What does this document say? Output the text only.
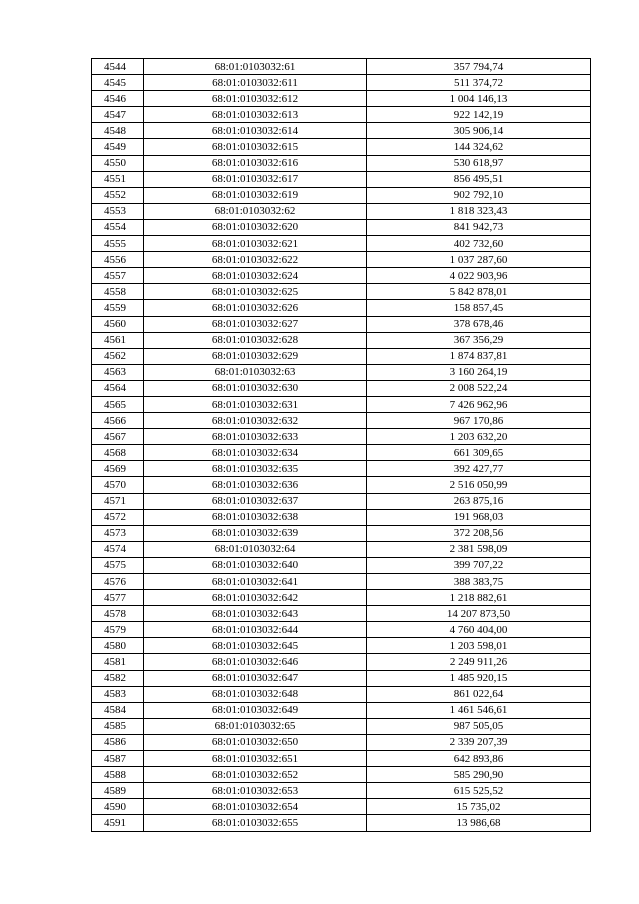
4544	68:01:0103032:61	357 794,74
4545	68:01:0103032:611	511 374,72
4546	68:01:0103032:612	1 004 146,13
4547	68:01:0103032:613	922 142,19
4548	68:01:0103032:614	305 906,14
4549	68:01:0103032:615	144 324,62
4550	68:01:0103032:616	530 618,97
4551	68:01:0103032:617	856 495,51
4552	68:01:0103032:619	902 792,10
4553	68:01:0103032:62	1 818 323,43
4554	68:01:0103032:620	841 942,73
4555	68:01:0103032:621	402 732,60
4556	68:01:0103032:622	1 037 287,60
4557	68:01:0103032:624	4 022 903,96
4558	68:01:0103032:625	5 842 878,01
4559	68:01:0103032:626	158 857,45
4560	68:01:0103032:627	378 678,46
4561	68:01:0103032:628	367 356,29
4562	68:01:0103032:629	1 874 837,81
4563	68:01:0103032:63	3 160 264,19
4564	68:01:0103032:630	2 008 522,24
4565	68:01:0103032:631	7 426 962,96
4566	68:01:0103032:632	967 170,86
4567	68:01:0103032:633	1 203 632,20
4568	68:01:0103032:634	661 309,65
4569	68:01:0103032:635	392 427,77
4570	68:01:0103032:636	2 516 050,99
4571	68:01:0103032:637	263 875,16
4572	68:01:0103032:638	191 968,03
4573	68:01:0103032:639	372 208,56
4574	68:01:0103032:64	2 381 598,09
4575	68:01:0103032:640	399 707,22
4576	68:01:0103032:641	388 383,75
4577	68:01:0103032:642	1 218 882,61
4578	68:01:0103032:643	14 207 873,50
4579	68:01:0103032:644	4 760 404,00
4580	68:01:0103032:645	1 203 598,01
4581	68:01:0103032:646	2 249 911,26
4582	68:01:0103032:647	1 485 920,15
4583	68:01:0103032:648	861 022,64
4584	68:01:0103032:649	1 461 546,61
4585	68:01:0103032:65	987 505,05
4586	68:01:0103032:650	2 339 207,39
4587	68:01:0103032:651	642 893,86
4588	68:01:0103032:652	585 290,90
4589	68:01:0103032:653	615 525,52
4590	68:01:0103032:654	15 735,02
4591	68:01:0103032:655	13 986,68
